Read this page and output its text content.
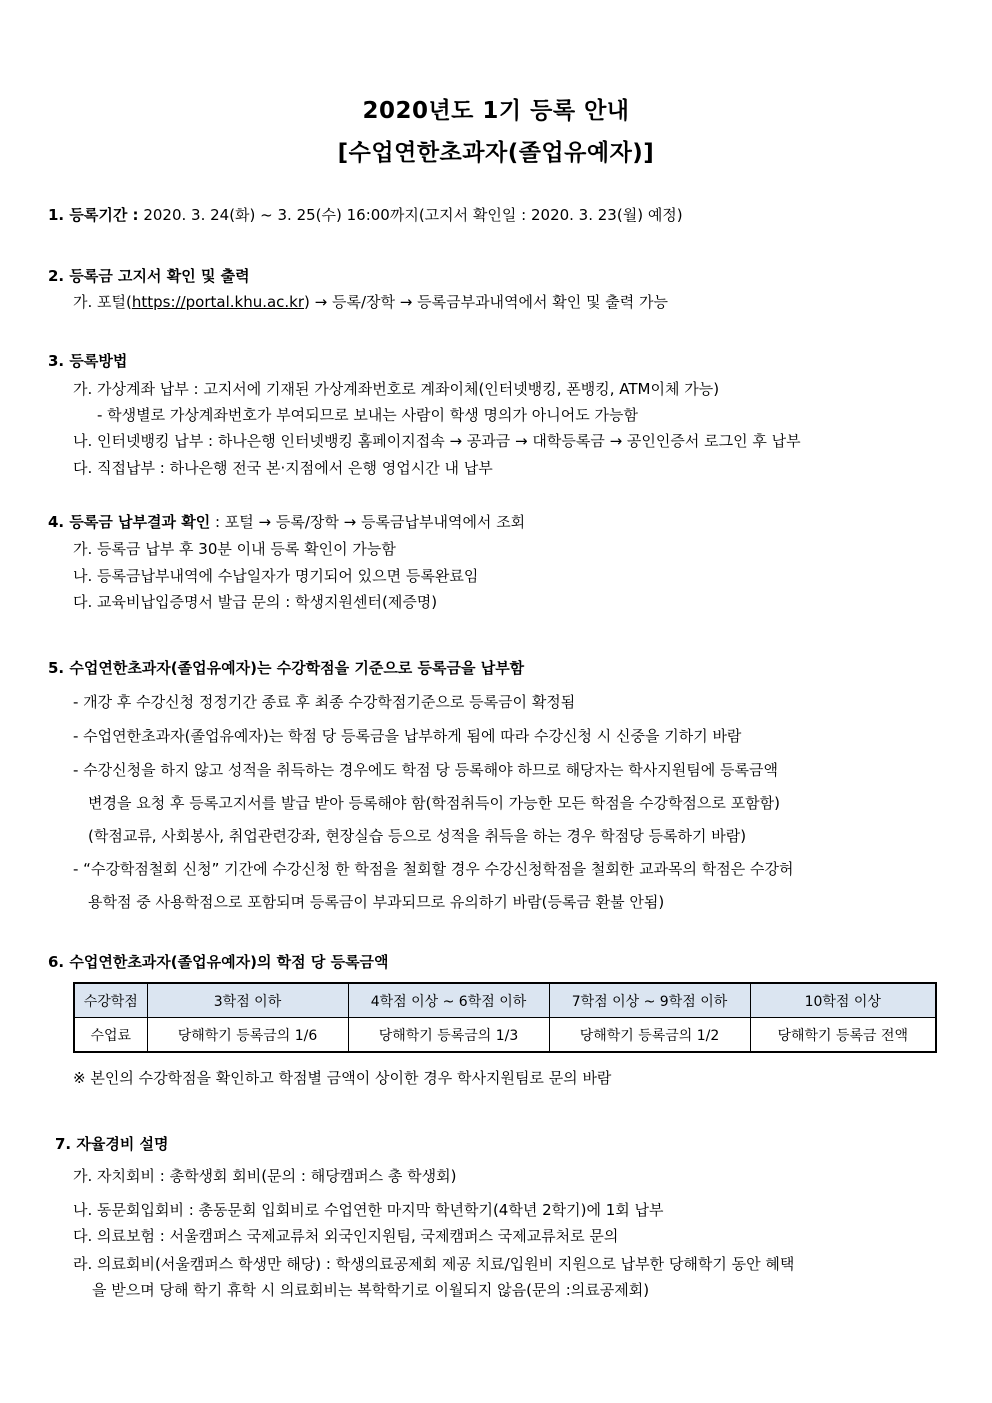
2020년도 1기 등록 안내
[수업연한초과자(졸업유예자)]
1. 등록기간 : 2020. 3. 24(화) ~ 3. 25(수) 16:00까지(고지서 확인일 : 2020. 3. 23(월) 예정)
2. 등록금 고지서 확인 및 출력
가. 포털(https://portal.khu.ac.kr) → 등록/장학 → 등록금부과내역에서 확인 및 출력 가능
3. 등록방법
가. 가상계좌 납부 : 고지서에 기재된 가상계좌번호로 계좌이체(인터넷뱅킹, 폰뱅킹, ATM이체 가능)
- 학생별로 가상계좌번호가 부여되므로 보내는 사람이 학생 명의가 아니어도 가능함
나. 인터넷뱅킹 납부 : 하나은행 인터넷뱅킹 홈페이지접속 → 공과금 → 대학등록금 → 공인인증서 로그인 후 납부
다. 직접납부 : 하나은행 전국 본·지점에서 은행 영업시간 내 납부
4. 등록금 납부결과 확인 : 포털 → 등록/장학 → 등록금납부내역에서 조회
가. 등록금 납부 후 30분 이내 등록 확인이 가능함
나. 등록금납부내역에 수납일자가 명기되어 있으면 등록완료임
다. 교육비납입증명서 발급 문의 : 학생지원센터(제증명)
5. 수업연한초과자(졸업유예자)는 수강학점을 기준으로 등록금을 납부함
- 개강 후 수강신청 정정기간 종료 후 최종 수강학점기준으로 등록금이 확정됨
- 수업연한초과자(졸업유예자)는 학점 당 등록금을 납부하게 됨에 따라 수강신청 시 신중을 기하기 바람
- 수강신청을 하지 않고 성적을 취득하는 경우에도 학점 당 등록해야 하므로 해당자는 학사지원팀에 등록금액
변경을 요청 후 등록고지서를 발급 받아 등록해야 함(학점취득이 가능한 모든 학점을 수강학점으로 포함함)
(학점교류, 사회봉사, 취업관련강좌, 현장실습 등으로 성적을 취득을 하는 경우 학점당 등록하기 바람)
- “수강학점철회 신청” 기간에 수강신청 한 학점을 철회할 경우 수강신청학점을 철회한 교과목의 학점은 수강허
용학점 중 사용학점으로 포함되며 등록금이 부과되므로 유의하기 바람(등록금 환불 안됨)
6. 수업연한초과자(졸업유예자)의 학점 당 등록금액
수강학점	3학점 이하	4학점 이상 ~ 6학점 이하	7학점 이상 ~ 9학점 이하	10학점 이상
수업료	당해학기 등록금의 1/6	당해학기 등록금의 1/3	당해학기 등록금의 1/2	당해학기 등록금 전액
※ 본인의 수강학점을 확인하고 학점별 금액이 상이한 경우 학사지원팀로 문의 바람
7. 자율경비 설명
가. 자치회비 : 총학생회 회비(문의 : 해당캠퍼스 총 학생회)
나. 동문회입회비 : 총동문회 입회비로 수업연한 마지막 학년학기(4학년 2학기)에 1회 납부
다. 의료보험 : 서울캠퍼스 국제교류처 외국인지원팀, 국제캠퍼스 국제교류처로 문의
라. 의료회비(서울캠퍼스 학생만 해당) : 학생의료공제회 제공 치료/입원비 지원으로 납부한 당해학기 동안 혜택
을 받으며 당해 학기 휴학 시 의료회비는 복학학기로 이월되지 않음(문의 :의료공제회)
